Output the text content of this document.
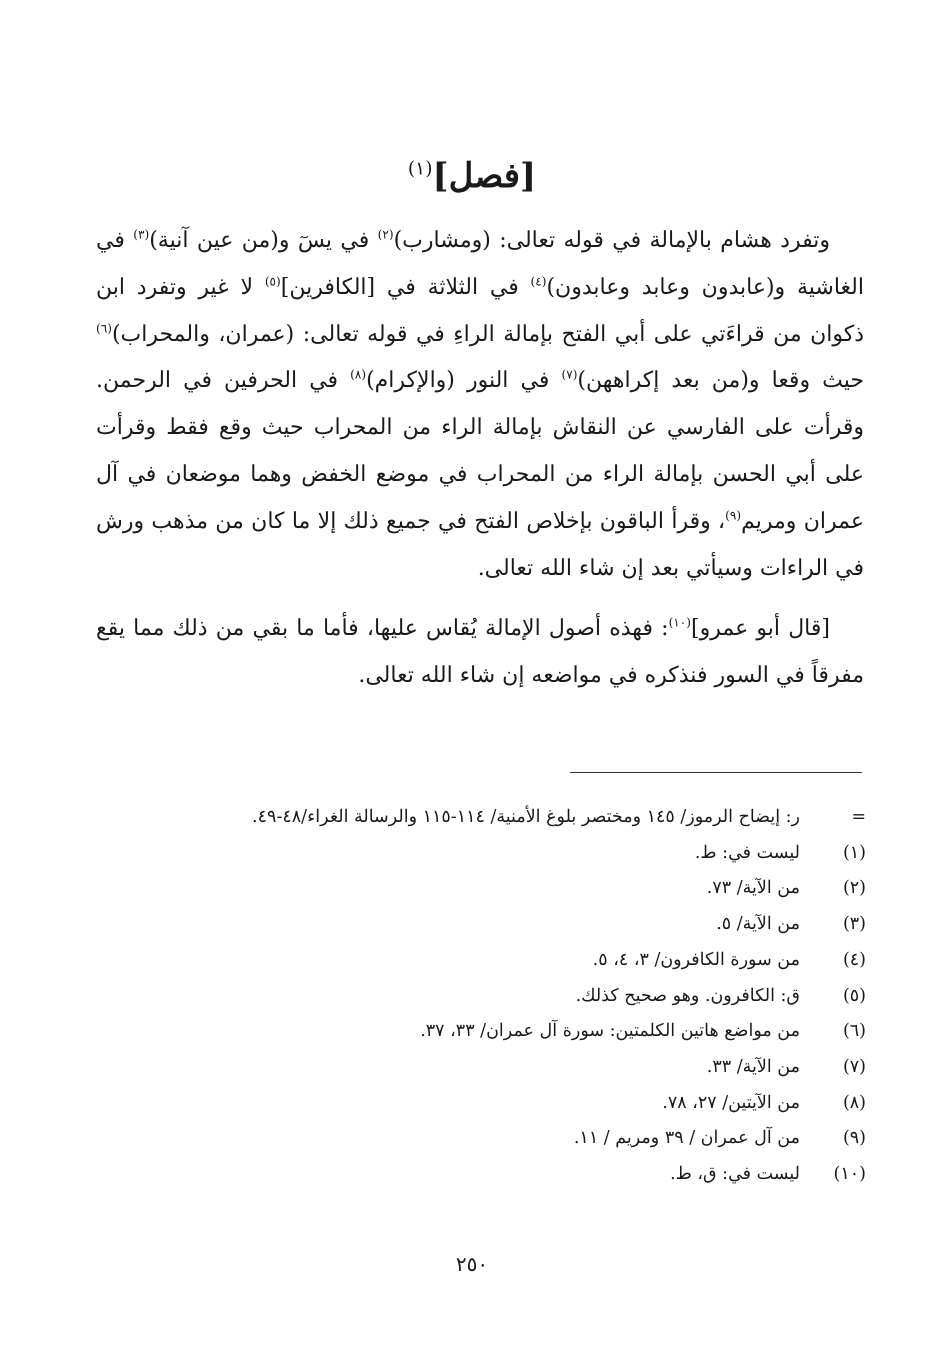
[فصل]$^{(١)}$

وتفرد هشام بالإمالة في قوله تعالى: (ومشارب)$^{(٢)}$ في يسٓ و(من عين آنية)$^{(٣)}$ في الغاشية و(عابدون وعابد وعابدون)$^{(٤)}$ في الثلاثة في [الكافرين]$^{(٥)}$ لا غير وتفرد ابن ذكوان من قراءَتي على أبي الفتح بإمالة الراءِ في قوله تعالى: (عمران، والمحراب)$^{(٦)}$ حيث وقعا و(من بعد إكراههن)$^{(٧)}$ في النور (والإكرام)$^{(٨)}$ في الحرفين في الرحمن. وقرأت على الفارسي عن النقاش بإمالة الراء من المحراب حيث وقع فقط وقرأت على أبي الحسن بإمالة الراء من المحراب في موضع الخفض وهما موضعان في آل عمران ومريم$^{(٩)}$، وقرأ الباقون بإخلاص الفتح في جميع ذلك إلا ما كان من مذهب ورش في الراءات وسيأتي بعد إن شاء الله تعالى.

[قال أبو عمرو]$^{(١٠)}$: فهذه أصول الإمالة يُقاس عليها، فأما ما بقي من ذلك مما يقع مفرقاً في السور فنذكره في مواضعه إن شاء الله تعالى.

=
ر: إيضاح الرموز/ ١٤٥ ومختصر بلوغ الأمنية/ ١١٤-١١٥ والرسالة الغراء/٤٨-٤٩.
(١)
ليست في: ط.
(٢)
من الآية/ ٧٣.
(٣)
من الآية/ ٥.
(٤)
من سورة الكافرون/ ٣، ٤، ٥.
(٥)
ق: الكافرون. وهو صحيح كذلك.
(٦)
من مواضع هاتين الكلمتين: سورة آل عمران/ ٣٣، ٣٧.
(٧)
من الآية/ ٣٣.
(٨)
من الآيتين/ ٢٧، ٧٨.
(٩)
من آل عمران / ٣٩ ومريم / ١١.
(١٠)
ليست في: ق، ط.
٢٥٠
